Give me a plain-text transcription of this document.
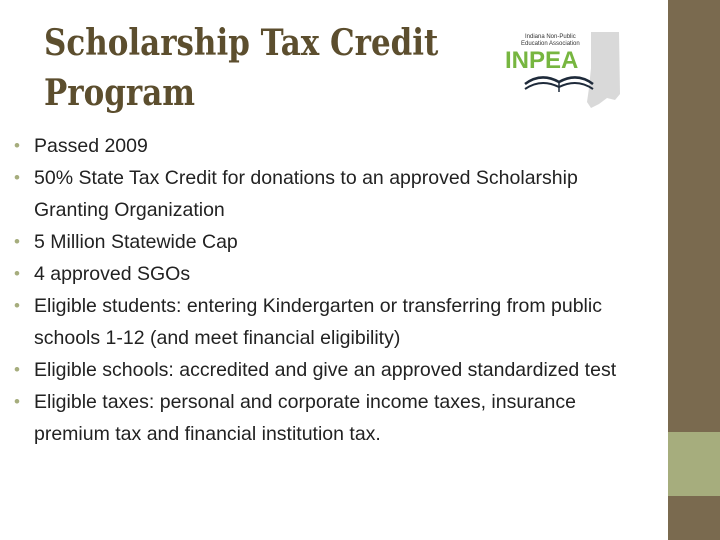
Scholarship Tax Credit
Program
Indiana Non-Public
Education Association
INPEA
• Passed 2009
• 50% State Tax Credit for donations to an approved Scholarship Granting Organization
• 5 Million Statewide Cap
• 4 approved SGOs
• Eligible students: entering Kindergarten or transferring from public schools 1-12 (and meet financial eligibility)
• Eligible schools: accredited and give an approved standardized test
• Eligible taxes: personal and corporate income taxes, insurance premium tax and financial institution tax.
